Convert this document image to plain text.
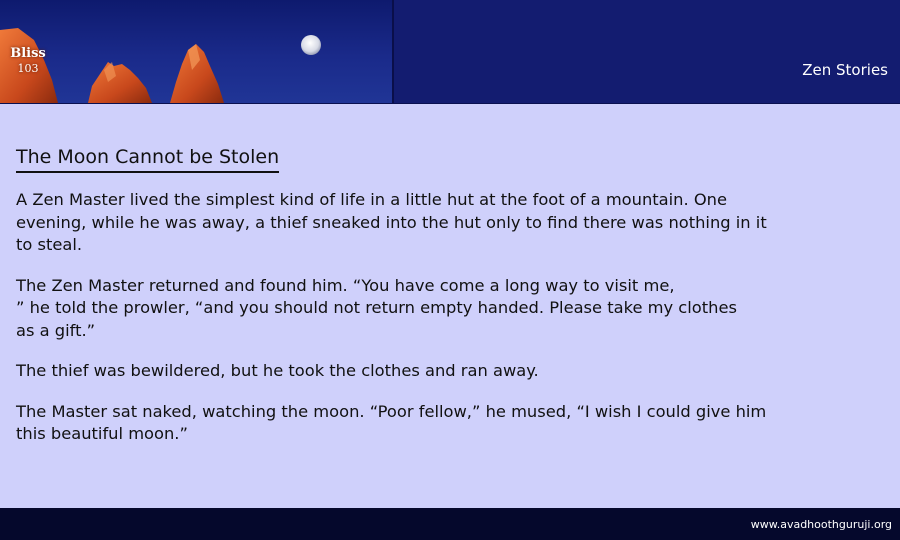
Bliss
103	Zen Stories
The Moon Cannot be Stolen

A Zen Master lived the simplest kind of life in a little hut at the foot of a mountain. One
evening, while he was away, a thief sneaked into the hut only to find there was nothing in it
to steal.

The Zen Master returned and found him. “You have come a long way to visit me,
” he told the prowler, “and you should not return empty handed. Please take my clothes
as a gift.”

The thief was bewildered, but he took the clothes and ran away.

The Master sat naked, watching the moon. “Poor fellow,” he mused, “I wish I could give him
this beautiful moon.”

www.avadhoothguruji.org
